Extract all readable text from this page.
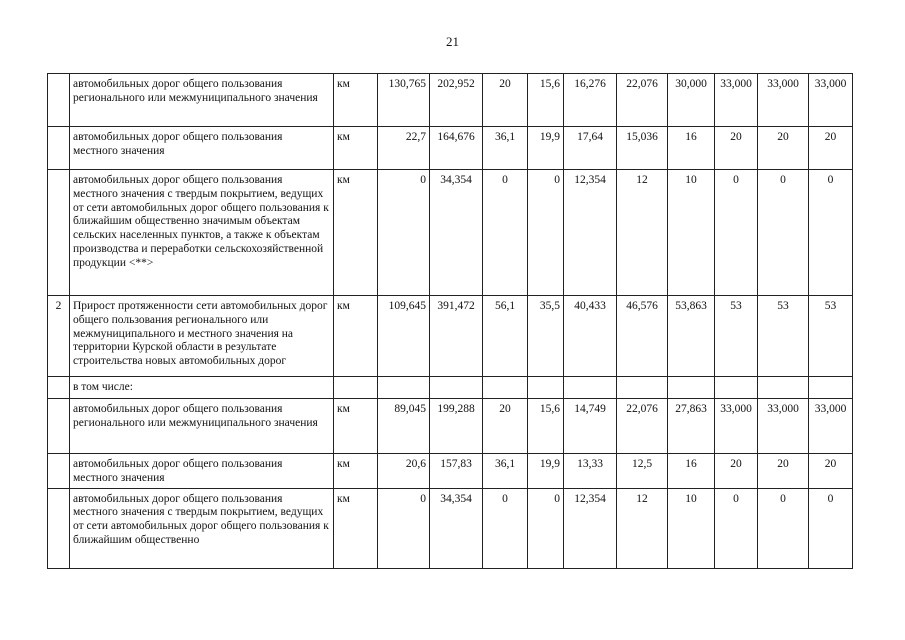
21
	автомобильных дорог общего пользования регионального или межмуниципального значения	км	130,765	202,952	20	15,6	16,276	22,076	30,000	33,000	33,000	33,000
	автомобильных дорог общего пользования местного значения	км	22,7	164,676	36,1	19,9	17,64	15,036	16	20	20	20
	автомобильных дорог общего пользования местного значения с твердым покрытием, ведущих от сети автомобильных дорог общего пользования к ближайшим общественно значимым объектам сельских населенных пунктов, а также к объектам производства и переработки сельскохозяйственной продукции <**>	км	0	34,354	0	0	12,354	12	10	0	0	0
2	Прирост протяженности сети автомобильных дорог общего пользования регионального или межмуниципального и местного значения на территории Курской области в результате строительства новых автомобильных дорог	км	109,645	391,472	56,1	35,5	40,433	46,576	53,863	53	53	53
	в том числе:											
	автомобильных дорог общего пользования регионального или межмуниципального значения	км	89,045	199,288	20	15,6	14,749	22,076	27,863	33,000	33,000	33,000
	автомобильных дорог общего пользования местного значения	км	20,6	157,83	36,1	19,9	13,33	12,5	16	20	20	20
	автомобильных дорог общего пользования местного значения с твердым покрытием, ведущих от сети автомобильных дорог общего пользования к ближайшим общественно	км	0	34,354	0	0	12,354	12	10	0	0	0
